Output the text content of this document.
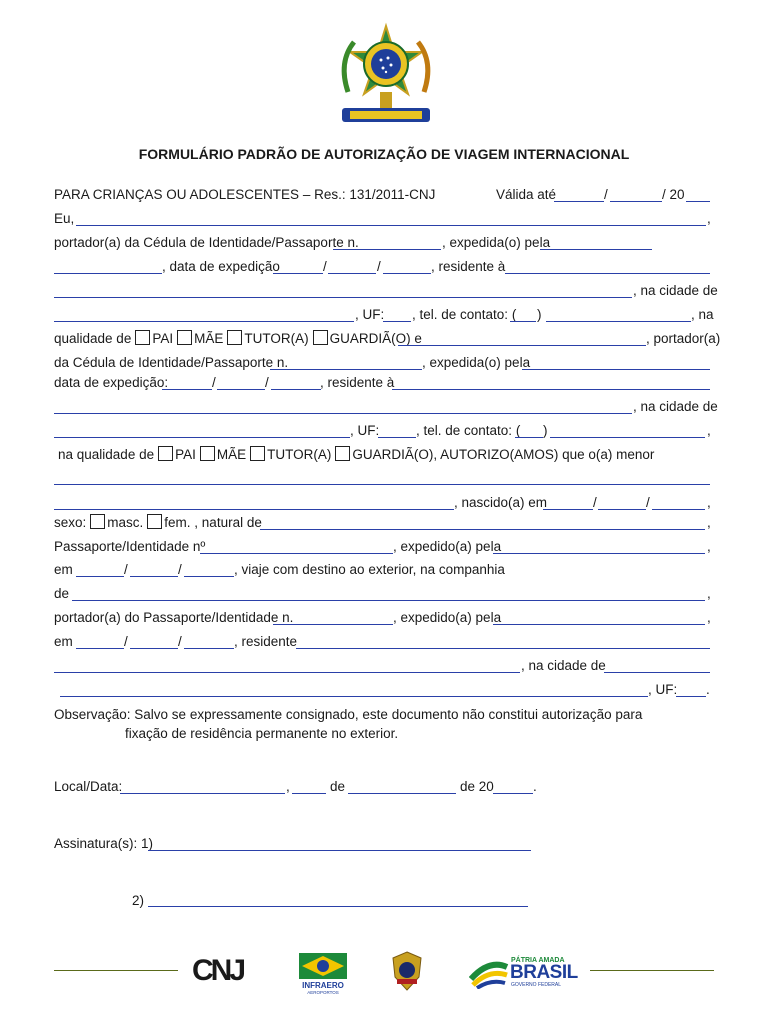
FORMULÁRIO PADRÃO DE AUTORIZAÇÃO DE VIAGEM INTERNACIONAL
PARA CRIANÇAS OU ADOLESCENTES – Res.: 131/2011-CNJ	Válida até	/	/ 20
Eu,	,
portador(a) da Cédula de Identidade/Passaporte n.	, expedida(o) pela
, data de expedição	/	/	, residente à
, na cidade de
, UF: , tel. de contato: ( )	, na
qualidade de PAI MÃE TUTOR(A) GUARDIÃ(O) e	, portador(a)
da Cédula de Identidade/Passaporte n.	, expedida(o) pela
data de expedição:	/	/	, residente à
, na cidade de
, UF:	, tel. de contato: ( )	,
na qualidade de PAI MÃE TUTOR(A) GUARDIÃ(O), AUTORIZO(AMOS) que o(a) menor
, nascido(a) em	/	/	,
sexo: masc. fem. , natural de	,
Passaporte/Identidade nº	, expedido(a) pela	,
em	/	/	, viaje com destino ao exterior, na companhia
de	,
portador(a) do Passaporte/Identidade n.	, expedido(a) pela	,
em	/	/	, residente
, na cidade de
, UF: .
Observação: Salvo se expressamente consignado, este documento não constitui autorização para
fixação de residência permanente no exterior.
Local/Data:	,	de	de 20	.
Assinatura(s): 1)
2)
CNJ	INFRAERO
AEROPORTOS
PÁTRIA AMADA
BRASIL
GOVERNO FEDERAL
